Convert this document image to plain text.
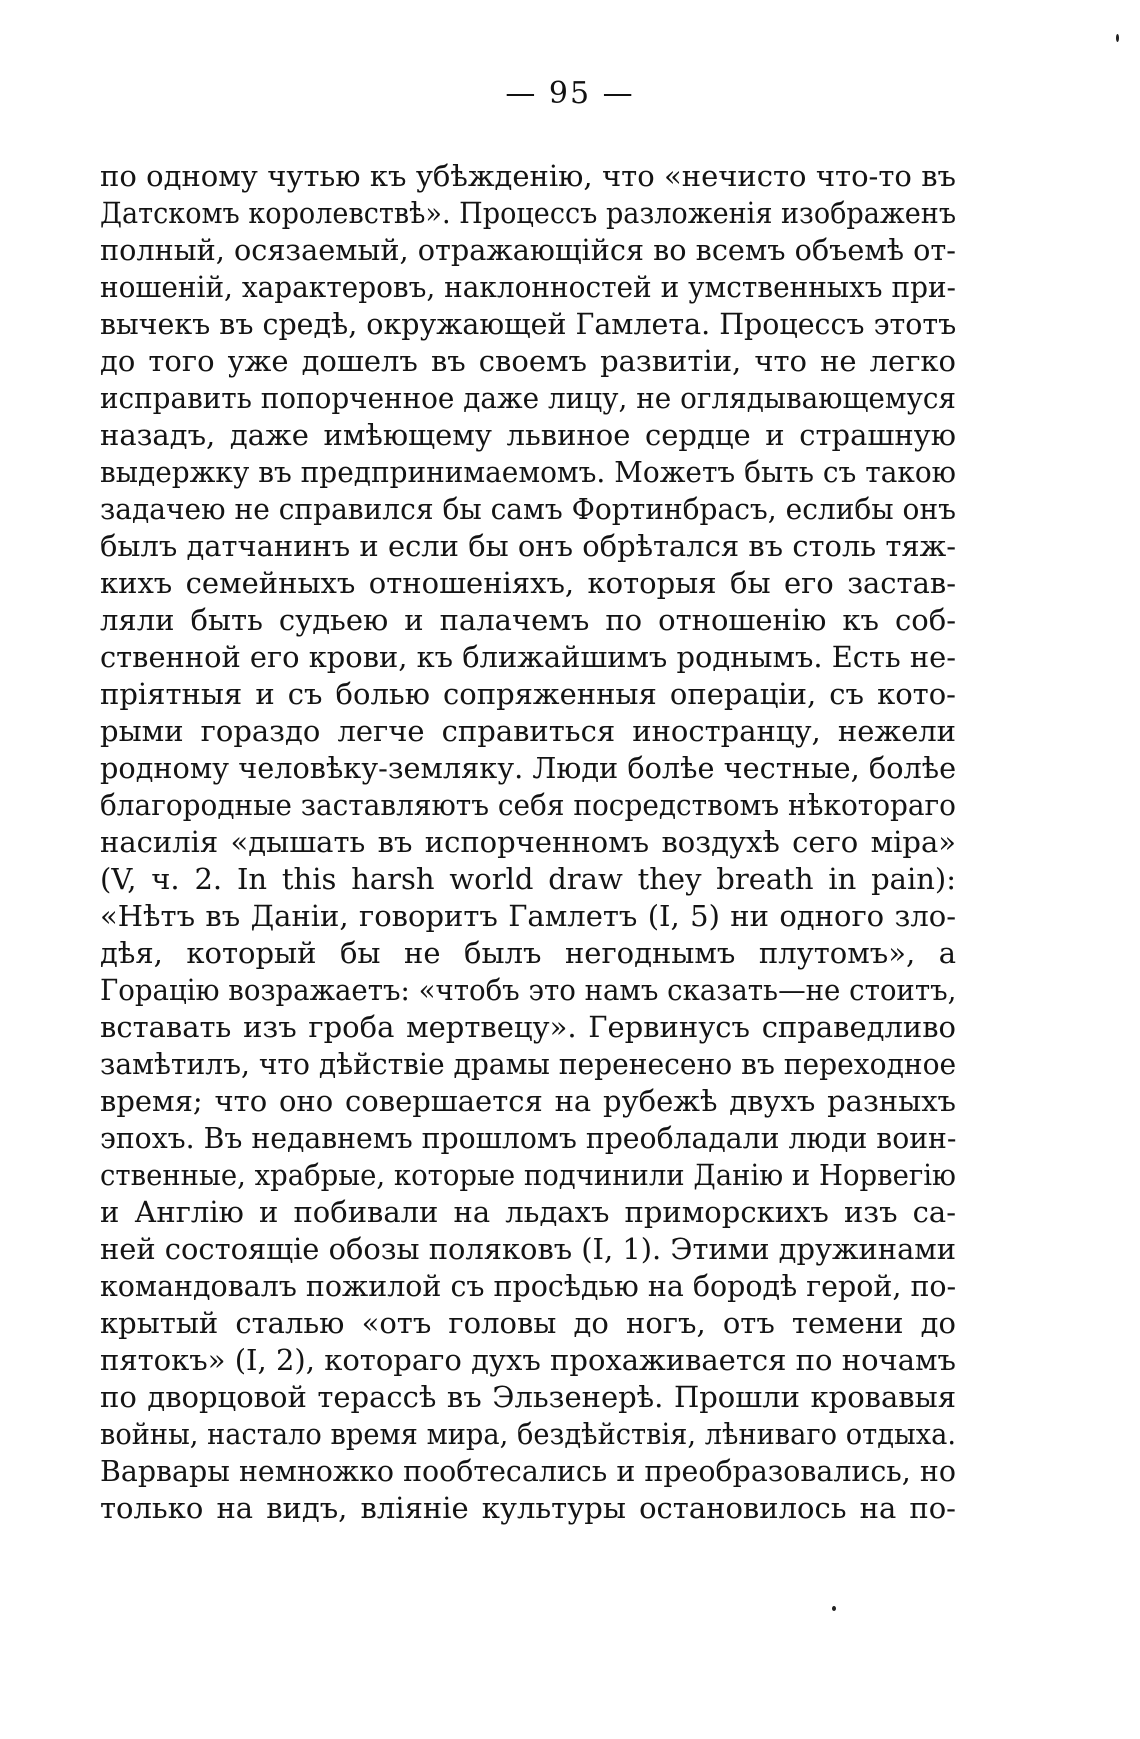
— 95 —
по одному чутью къ убѣжденію, что «нечисто что-то въ
Датскомъ королевствѣ». Процессъ разложенія изображенъ
полный, осязаемый, отражающійся во всемъ объемѣ от-
ношеній, характеровъ, наклонностей и умственныхъ при-
вычекъ въ средѣ, окружающей Гамлета. Процессъ этотъ
до того уже дошелъ въ своемъ развитіи, что не легко
исправить попорченное даже лицу, не оглядывающемуся
назадъ, даже имѣющему львиное сердце и страшную
выдержку въ предпринимаемомъ. Можетъ быть съ такою
задачею не справился бы самъ Фортинбрасъ, еслибы онъ
былъ датчанинъ и если бы онъ обрѣтался въ столь тяж-
кихъ семейныхъ отношеніяхъ, которыя бы его застав-
ляли быть судьею и палачемъ по отношенію къ соб-
ственной его крови, къ ближайшимъ роднымъ. Есть не-
пріятныя и съ болью сопряженныя операціи, съ кото-
рыми гораздо легче справиться иностранцу, нежели
родному человѣку-земляку. Люди болѣе честные, болѣе
благородные заставляютъ себя посредствомъ нѣкотораго
насилія «дышать въ испорченномъ воздухѣ сего міра»
(V, ч. 2. In this harsh world draw they breath in pain):
«Нѣтъ въ Даніи, говоритъ Гамлетъ (I, 5) ни одного зло-
дѣя, который бы не былъ негоднымъ плутомъ», а
Горацію возражаетъ: «чтобъ это намъ сказать—не стоитъ,
вставать изъ гроба мертвецу». Гервинусъ справедливо
замѣтилъ, что дѣйствіе драмы перенесено въ переходное
время; что оно совершается на рубежѣ двухъ разныхъ
эпохъ. Въ недавнемъ прошломъ преобладали люди воин-
ственные, храбрые, которые подчинили Данію и Норвегію
и Англію и побивали на льдахъ приморскихъ изъ са-
ней состоящіе обозы поляковъ (I, 1). Этими дружинами
командовалъ пожилой съ просѣдью на бородѣ герой, по-
крытый сталью «отъ головы до ногъ, отъ темени до
пятокъ» (I, 2), котораго духъ прохаживается по ночамъ
по дворцовой терассѣ въ Эльзенерѣ. Прошли кровавыя
войны, настало время мира, бездѣйствія, лѣниваго отдыха.
Варвары немножко пообтесались и преобразовались, но
только на видъ, вліяніе культуры остановилось на по-
